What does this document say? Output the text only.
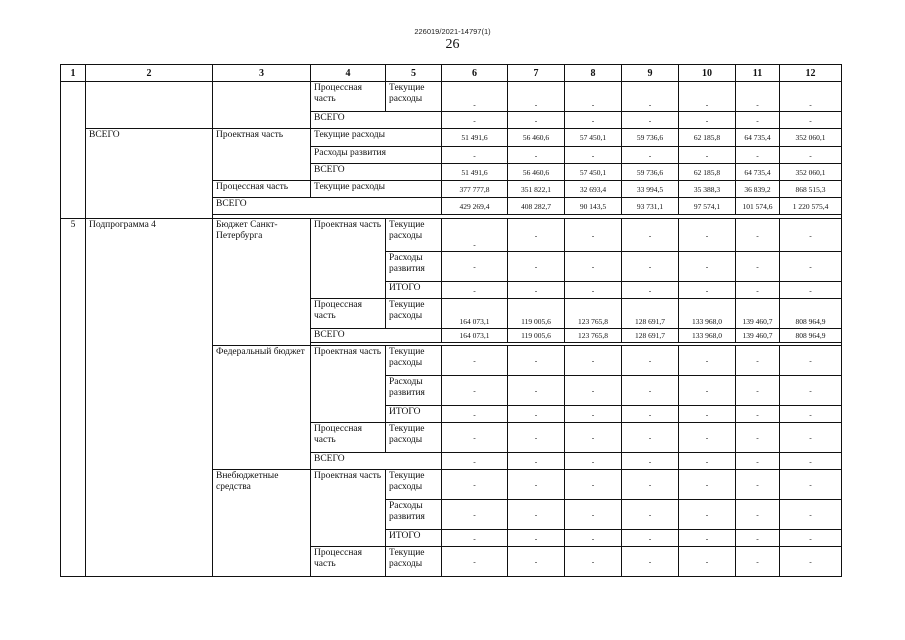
226019/2021-14797(1)
26
1	2	3	4	5	6	7	8	9	10	11	12
			Процессная часть	Текущие расходы	-	-	-	-	-	-	-
			ВСЕГО		-	-	-	-	-	-	-
	ВСЕГО	Проектная часть	Текущие расходы		51 491,6	56 460,6	57 450,1	59 736,6	62 185,8	64 735,4	352 060,1
			Расходы развития		-	-	-	-	-	-	-
			ВСЕГО		51 491,6	56 460,6	57 450,1	59 736,6	62 185,8	64 735,4	352 060,1
		Процессная часть	Текущие расходы		377 777,8	351 822,1	32 693,4	33 994,5	35 388,3	36 839,2	868 515,3
		ВСЕГО			429 269,4	408 282,7	90 143,5	93 731,1	97 574,1	101 574,6	1 220 575,4

5	Подпрограмма 4	Бюджет Санкт-Петербурга	Проектная часть	Текущие расходы	-	-	-	-	-	-	-
				Расходы развития	-	-	-	-	-	-	-
				ИТОГО	-	-	-	-	-	-	-
			Процессная часть	Текущие расходы	164 073,1	119 005,6	123 765,8	128 691,7	133 968,0	139 460,7	808 964,9
			ВСЕГО		164 073,1	119 005,6	123 765,8	128 691,7	133 968,0	139 460,7	808 964,9

		Федеральный бюджет	Проектная часть	Текущие расходы	-	-	-	-	-	-	-
				Расходы развития	-	-	-	-	-	-	-
				ИТОГО	-	-	-	-	-	-	-
			Процессная часть	Текущие расходы	-	-	-	-	-	-	-
			ВСЕГО		-	-	-	-	-	-	-
		Внебюджетные средства	Проектная часть	Текущие расходы	-	-	-	-	-	-	-
				Расходы развития	-	-	-	-	-	-	-
				ИТОГО	-	-	-	-	-	-	-
			Процессная часть	Текущие расходы	-	-	-	-	-	-	-
